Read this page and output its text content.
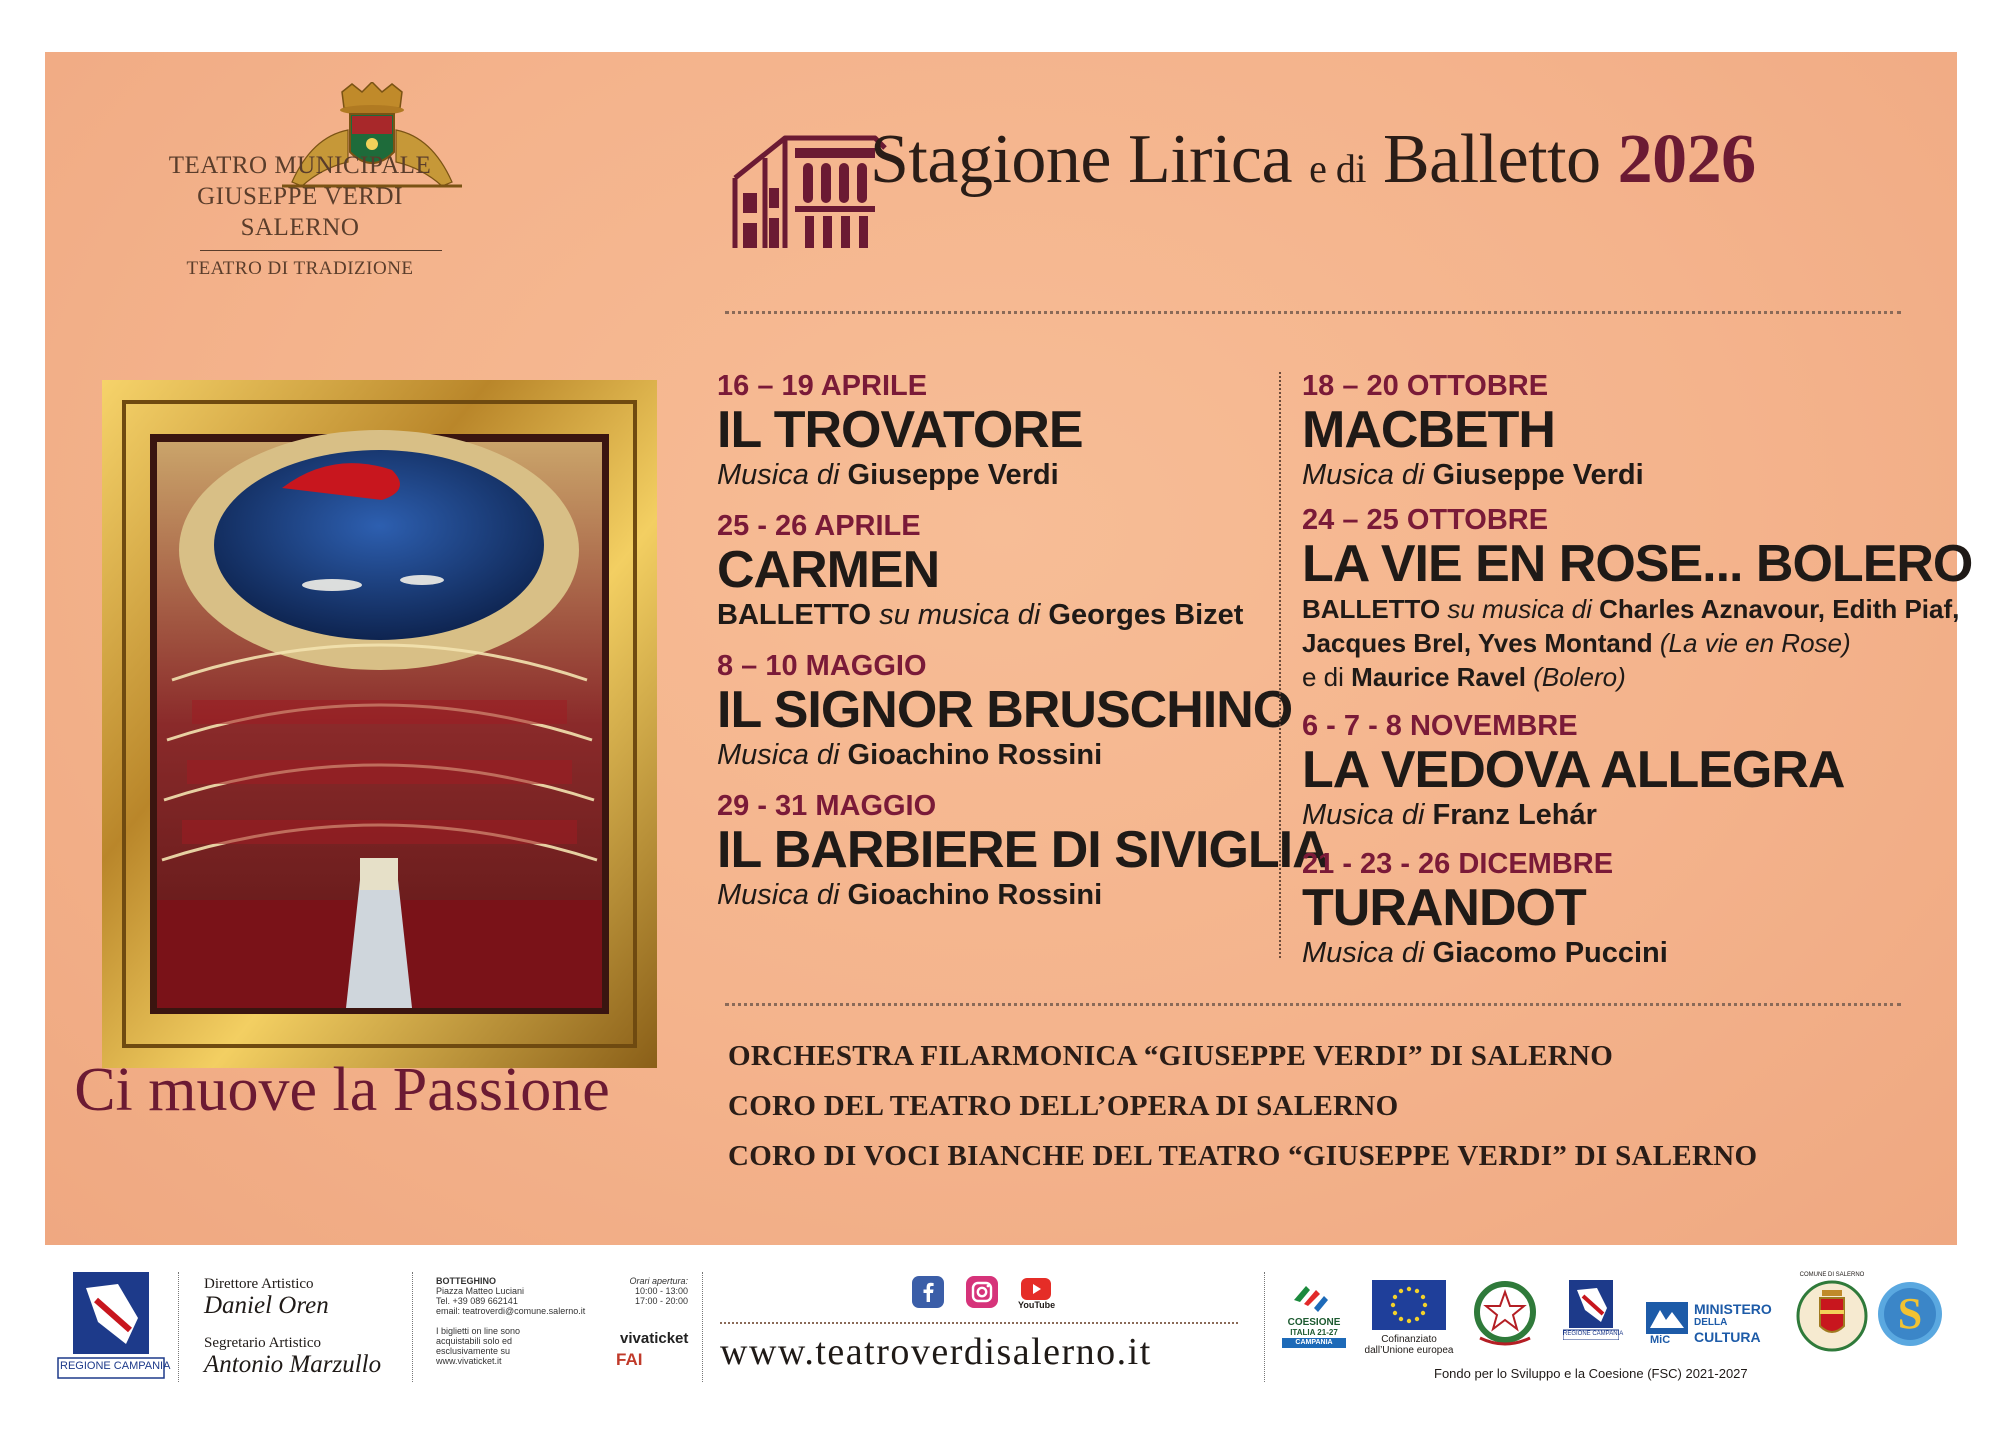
TEATRO MUNICIPALE
GIUSEPPE VERDI
SALERNO
TEATRO DI TRADIZIONE
Stagione Lirica e di Balletto 2026
16 – 19 APRILE
IL TROVATORE
Musica di Giuseppe Verdi
25 - 26 APRILE
CARMEN
BALLETTO su musica di Georges Bizet
8 – 10 MAGGIO
IL SIGNOR BRUSCHINO
Musica di Gioachino Rossini
29 - 31 MAGGIO
IL BARBIERE DI SIVIGLIA
Musica di Gioachino Rossini
18 – 20 OTTOBRE
MACBETH
Musica di Giuseppe Verdi
24 – 25 OTTOBRE
LA VIE EN ROSE... BOLERO
BALLETTO su musica di Charles Aznavour, Edith Piaf,
Jacques Brel, Yves Montand (La vie en Rose)
e di Maurice Ravel (Bolero)
6 - 7 - 8 NOVEMBRE
LA VEDOVA ALLEGRA
Musica di Franz Lehár
21 - 23 - 26 DICEMBRE
TURANDOT
Musica di Giacomo Puccini
Ci muove la Passione	ORCHESTRA FILARMONICA “GIUSEPPE VERDI” DI SALERNO
CORO DEL TEATRO DELL’OPERA DI SALERNO
CORO DI VOCI BIANCHE DEL TEATRO “GIUSEPPE VERDI” DI SALERNO
REGIONE CAMPANIA
Direttore Artistico
Daniel Oren
Segretario Artistico
Antonio Marzullo
BOTTEGHINO
Piazza Matteo Luciani
Tel. +39 089 662141
email: teatroverdi@comune.salerno.it
Orari apertura:
10:00 - 13:00
17:00 - 20:00
I biglietti on line sono
acquistabili solo ed
esclusivamente su
www.vivaticket.it
vivaticket
FAI
YouTube
www.teatroverdisalerno.it
COESIONE
ITALIA 21-27
CAMPANIA	Cofinanziato
dall’Unione europea
REGIONE CAMPANIA MiC
MINISTERO
DELLA
CULTURA
COMUNE DI SALERNO
S
Fondo per lo Sviluppo e la Coesione (FSC) 2021-2027
